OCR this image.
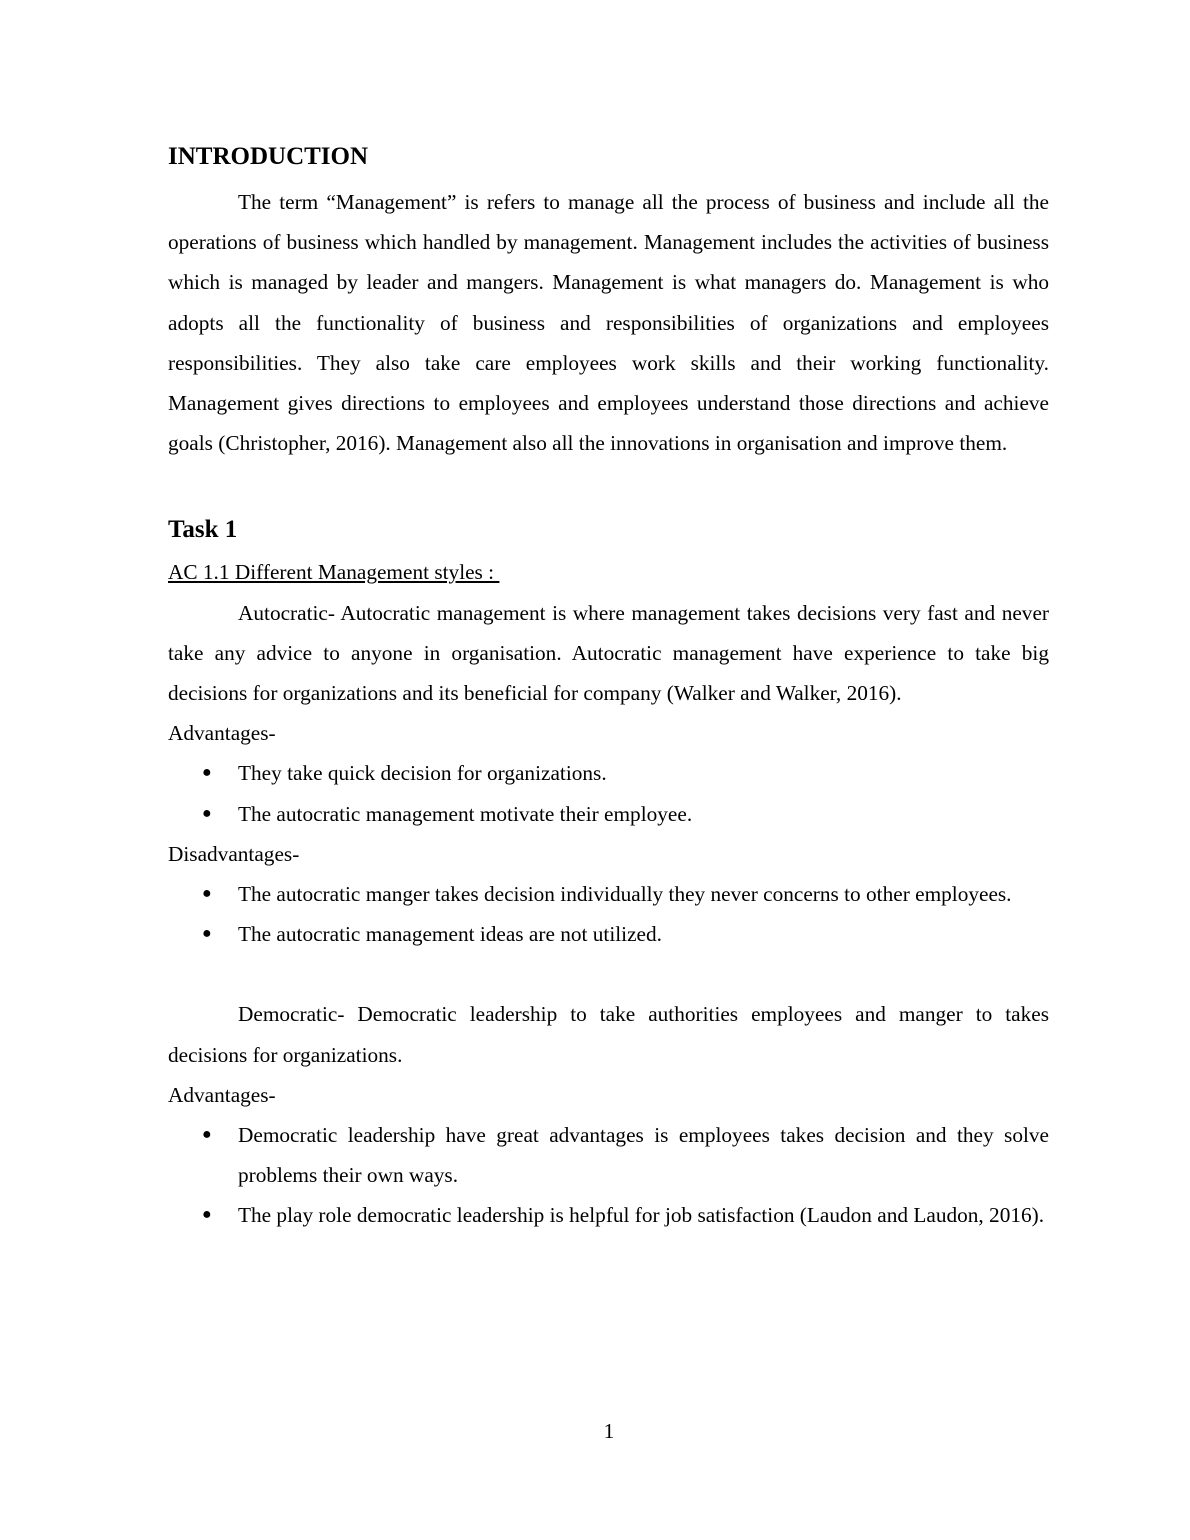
INTRODUCTION

The term “Management” is refers to manage all the process of business and include all the operations of business which handled by management. Management includes the activities of business which is managed by leader and mangers. Management is what managers do. Management is who adopts all the functionality of business and responsibilities of organizations and employees responsibilities. They also take care employees work skills and their working functionality. Management gives directions to employees and employees understand those directions and achieve goals (Christopher, 2016). Management also all the innovations in organisation and improve them.

Task 1
AC 1.1 Different Management styles :

Autocratic- Autocratic management is where management takes decisions very fast and never take any advice to anyone in organisation. Autocratic management have experience to take big decisions for organizations and its beneficial for company (Walker and Walker, 2016).

Advantages-
● They take quick decision for organizations.
● The autocratic management motivate their employee.
Disadvantages-
● The autocratic manger takes decision individually they never concerns to other employees.
● The autocratic management ideas are not utilized.

Democratic- Democratic leadership to take authorities employees and manger to takes decisions for organizations.

Advantages-
● Democratic leadership have great advantages is employees takes decision and they solve problems their own ways.
● The play role democratic leadership is helpful for job satisfaction (Laudon and Laudon, 2016).
1
